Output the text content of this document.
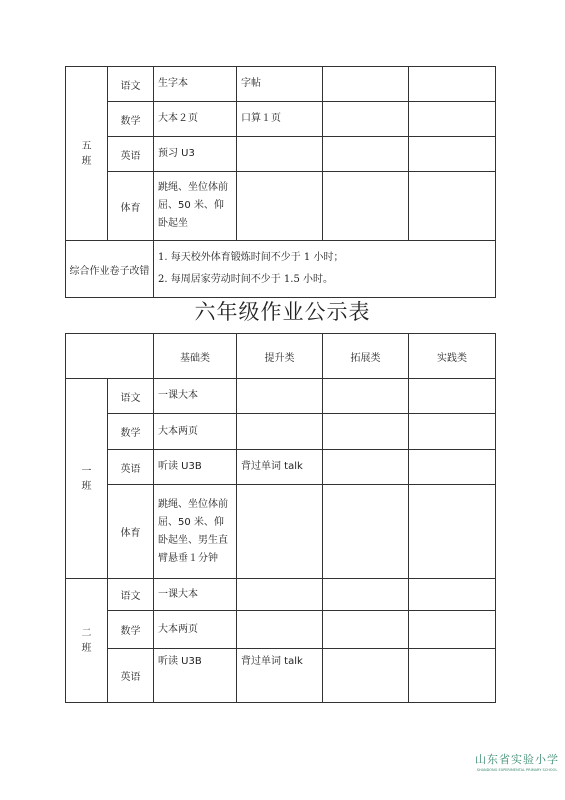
五
班	语文	生字本	字帖		

	数学	大本２页	口算１页		

	英语	预习 U3			

	体育	跳绳、坐位体前
屈、50 米、仰
卧起坐			

综合作业卷子改错		1. 每天校外体育锻炼时间不少于 1 小时；
2. 每周居家劳动时间不少于 1.5 小时。			
六年级作业公示表
		基础类	提升类	拓展类	实践类
一
班	语文	一课大本			

	数学	大本两页			

	英语	听读 U3B	背过单词 talk		

	体育	跳绳、坐位体前
屈、50 米、仰
卧起坐、男生直
臂悬垂１分钟			

二
班	语文	一课大本			

	数学	大本两页			

	英语	听读 U3B	背过单词 talk		

山东省实验小学
SHANDONG EXPERIMENTAL PRIMARY SCHOOL
